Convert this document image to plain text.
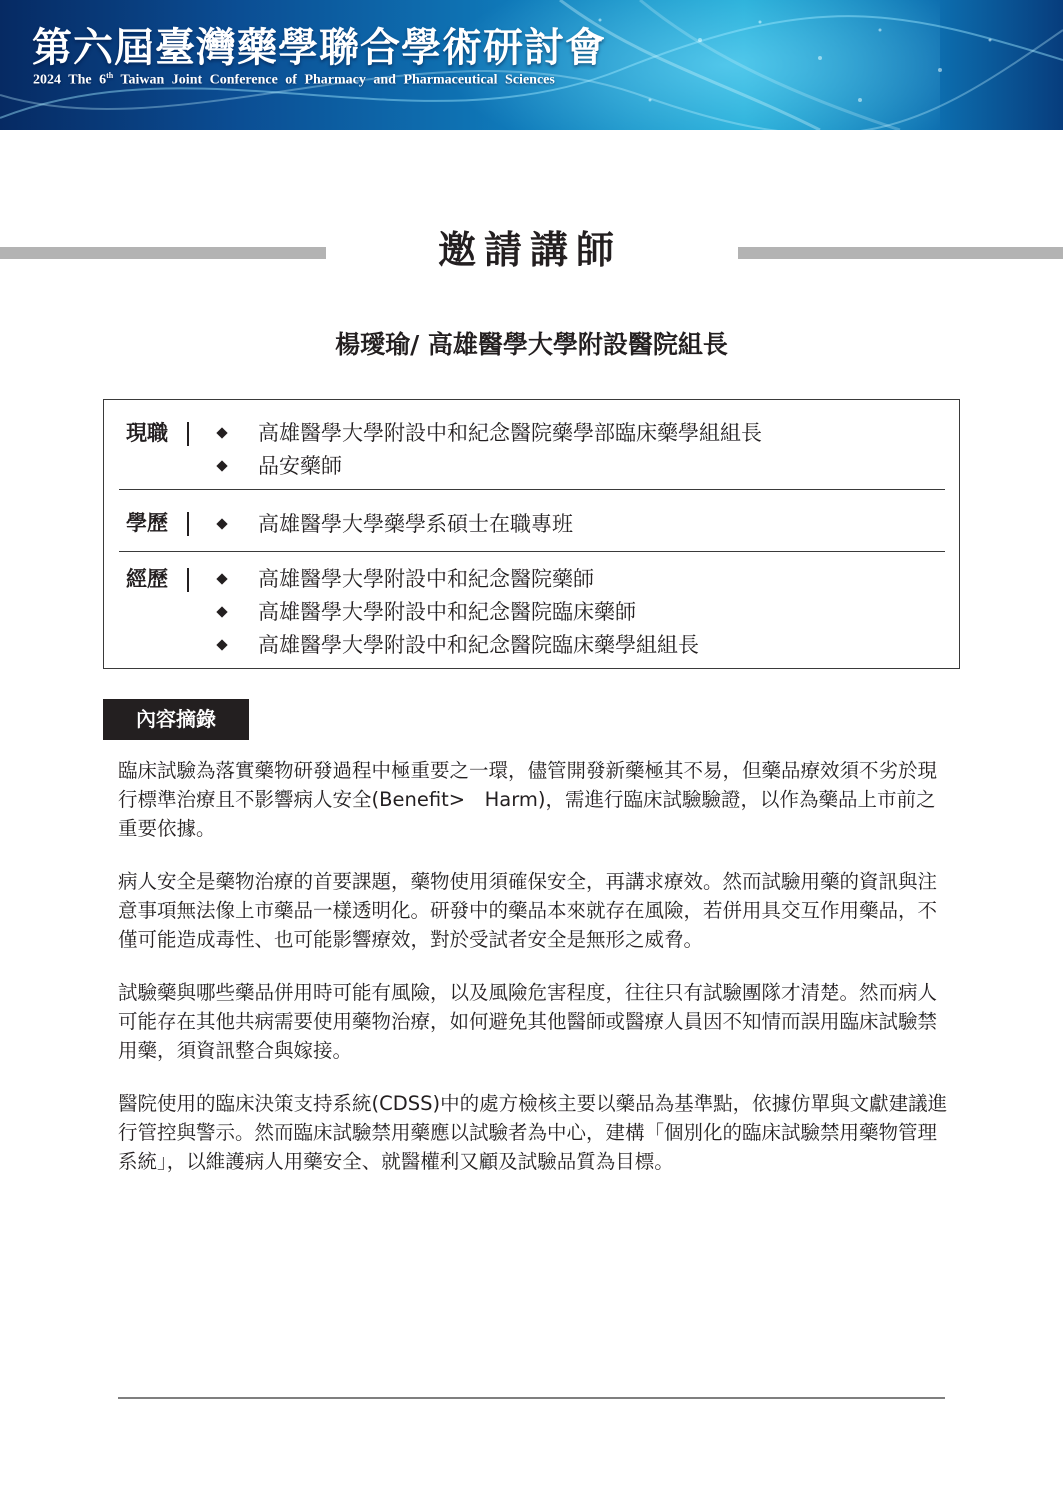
第六屆臺灣藥學聯合學術研討會
2024 The 6th Taiwan Joint Conference of Pharmacy and Pharmaceutical Sciences
邀請講師
楊璦瑜/ 高雄醫學大學附設醫院組長
現職	高雄醫學大學附設中和紀念醫院藥學部臨床藥學組組長
品安藥師
學歷	高雄醫學大學藥學系碩士在職專班
經歷	高雄醫學大學附設中和紀念醫院藥師
高雄醫學大學附設中和紀念醫院臨床藥師
高雄醫學大學附設中和紀念醫院臨床藥學組組長
內容摘錄

臨床試驗為落實藥物研發過程中極重要之一環，儘管開發新藥極其不易，但藥品療效須不劣於現行標準治療且不影響病人安全(Benefit>　Harm)，需進行臨床試驗驗證，以作為藥品上市前之重要依據。

病人安全是藥物治療的首要課題，藥物使用須確保安全，再講求療效。然而試驗用藥的資訊與注意事項無法像上市藥品一樣透明化。研發中的藥品本來就存在風險，若併用具交互作用藥品，不僅可能造成毒性、也可能影響療效，對於受試者安全是無形之威脅。

試驗藥與哪些藥品併用時可能有風險，以及風險危害程度，往往只有試驗團隊才清楚。然而病人可能存在其他共病需要使用藥物治療，如何避免其他醫師或醫療人員因不知情而誤用臨床試驗禁用藥，須資訊整合與嫁接。

醫院使用的臨床決策支持系統(CDSS)中的處方檢核主要以藥品為基準點，依據仿單與文獻建議進行管控與警示。然而臨床試驗禁用藥應以試驗者為中心，建構「個別化的臨床試驗禁用藥物管理系統」，以維護病人用藥安全、就醫權利又顧及試驗品質為目標。
